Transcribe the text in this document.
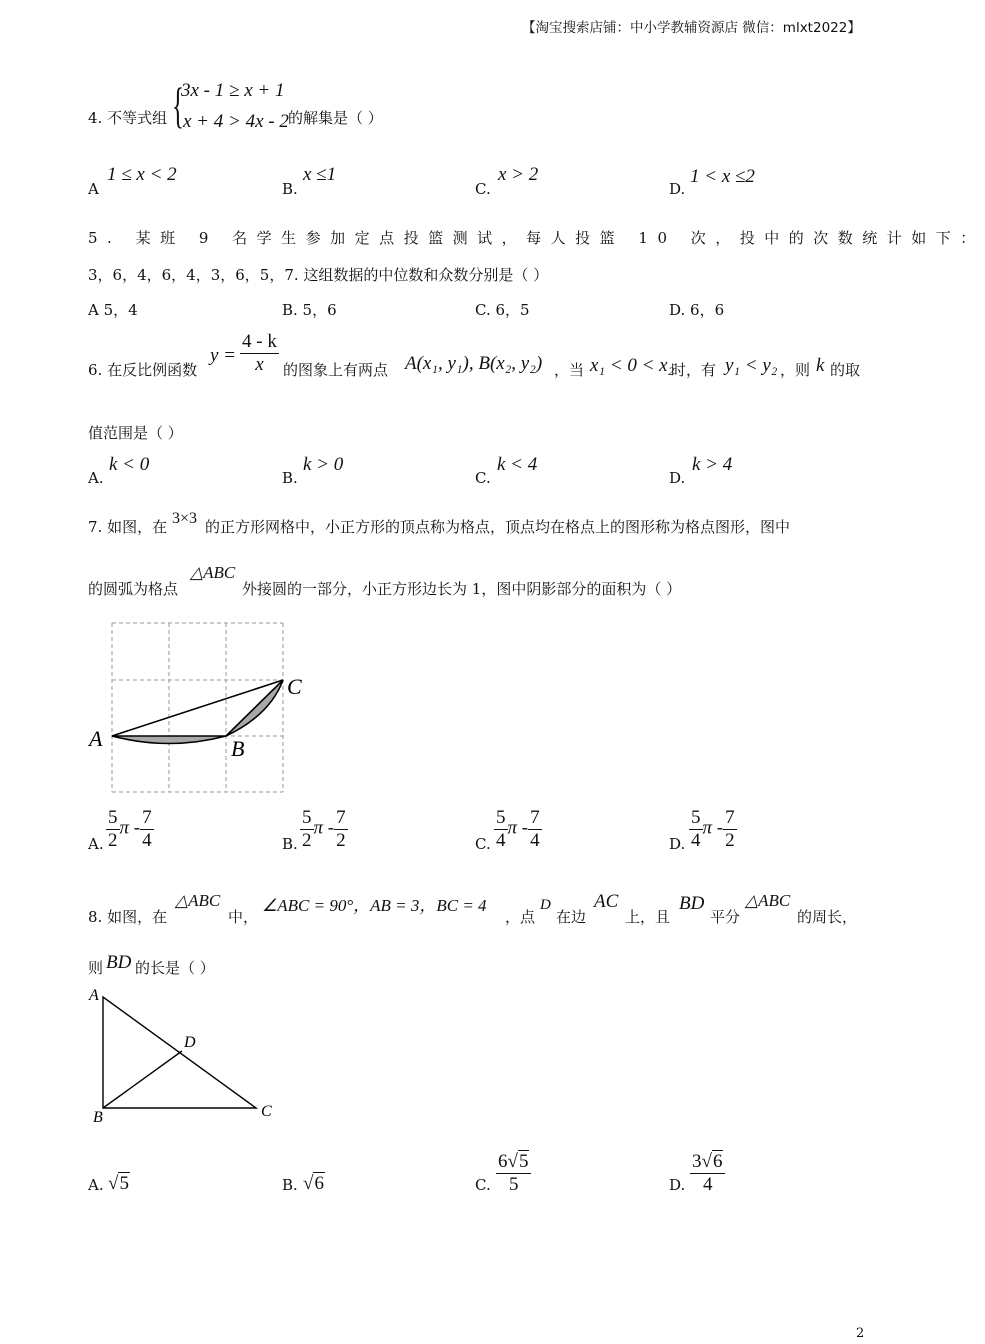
【淘宝搜索店铺：中小学教辅资源店 微信：mlxt2022】
4. 不等式组 {
3x - 1 ≥ x + 1
x + 4 > 4x - 2 的解集是（ ）
A
1 ≤ x < 2
B.
x ≤1
C.
x > 2
D.
1 < x ≤2
5. 某班 9 名学生参加定点投篮测试，每人投篮 10 次，投中的次数统计如下：
3，6，4，6，4，3，6，5，7. 这组数据的中位数和众数分别是（ ）
A 5，4	B. 5，6	C. 6，5	D. 6，6
6. 在反比例函数
$y = \frac{4 - k}{x}$ 的图象上有两点 A(x₁, y₁), B(x₂, y₂) ，当 x₁ < 0 < x₂
时，有 y₁ < y₂ ，则 k 的取
值范围是（ ）
A.
k < 0
B.
k > 0
C.
k < 4
D.
k > 4
7. 如图，在 3×3 的正方形网格中，小正方形的顶点称为格点，顶点均在格点上的图形称为格点图形，图中
的圆弧为格点
△ABC
外接圆的一部分，小正方形边长为 1，图中阴影部分的面积为（ ）
A	B
C
A. $\frac{5}{2}$ π - $\frac{7}{4}$	B. $\frac{5}{2}$ π - $\frac{7}{2}$	C. $\frac{5}{4}$ π - $\frac{7}{4}$	D. $\frac{5}{4}$ π - $\frac{7}{2}$
8. 如图，在
△ABC
中，
∠ABC = 90°，AB = 3，BC = 4
，点
D
在边
AC
上，且
BD
平分
△ABC
的周长，
则 BD 的长是（ ）
A
B	C
D
A. √5	B. √6	C. $\frac{6√5}{5}$	D. $\frac{3√6}{4}$
2
